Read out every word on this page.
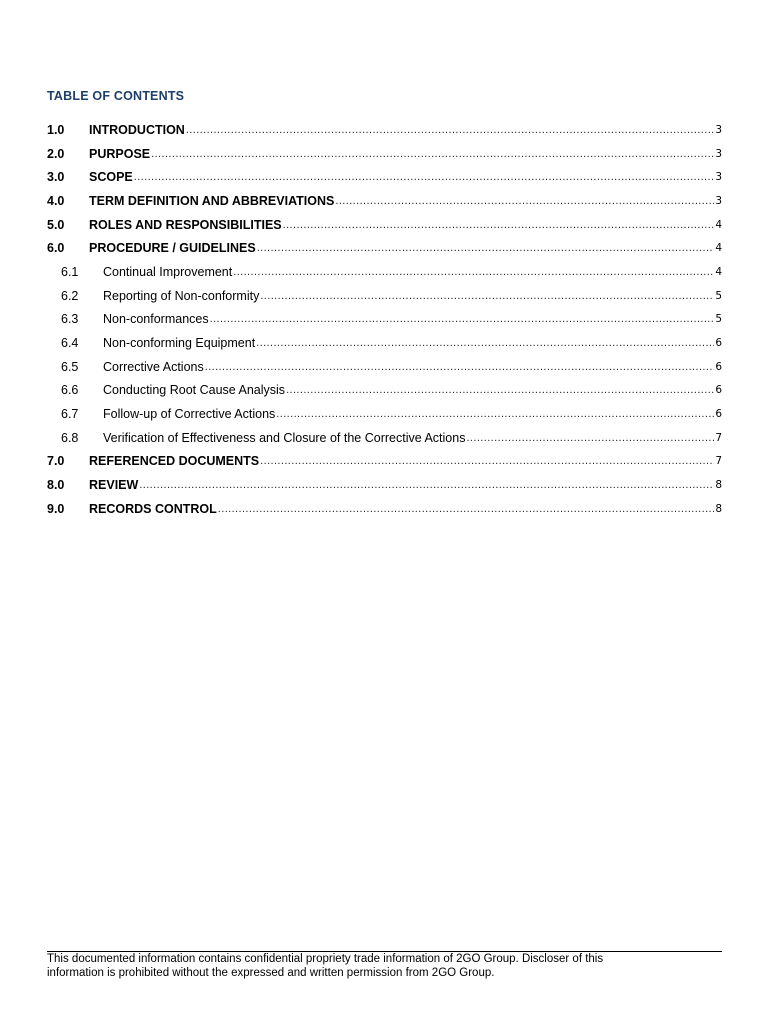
TABLE OF CONTENTS
1.0	INTRODUCTION .....	3
2.0	PURPOSE .....	3
3.0	SCOPE .....	3
4.0	TERM DEFINITION AND ABBREVIATIONS .....	3
5.0	ROLES AND RESPONSIBILITIES .....	4
6.0	PROCEDURE / GUIDELINES .....	4
6.1	Continual Improvement .....	4
6.2	Reporting of Non-conformity .....	5
6.3	Non-conformances .....	5
6.4	Non-conforming Equipment .....	6
6.5	Corrective Actions .....	6
6.6	Conducting Root Cause Analysis .....	6
6.7	Follow-up of Corrective Actions .....	6
6.8	Verification of Effectiveness and Closure of the Corrective Actions .....	7
7.0	REFERENCED DOCUMENTS .....	7
8.0	REVIEW .....	8
9.0	RECORDS CONTROL .....	8
This documented information contains confidential propriety trade information of 2GO Group. Discloser of this
information is prohibited without the expressed and written permission from 2GO Group.
